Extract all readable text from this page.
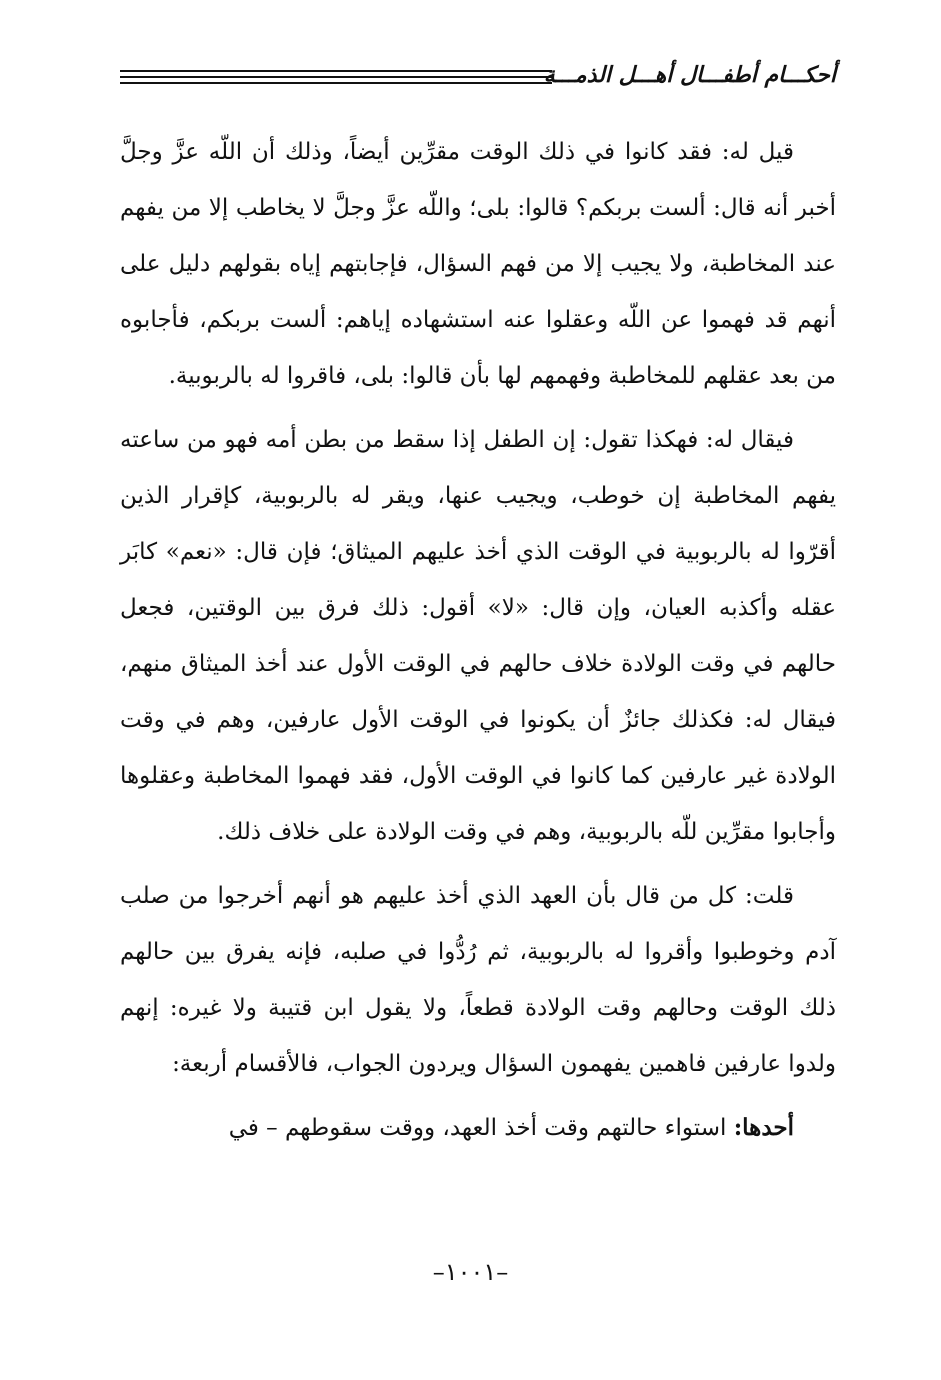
أحكـــام أطفـــال أهـــل الذمـــة

قيل له: فقد كانوا في ذلك الوقت مقرِّين أيضاً، وذلك أن اللّه عزَّ وجلَّ أخبر أنه قال: ألست بربكم؟ قالوا: بلى؛ واللّه عزَّ وجلَّ لا يخاطب إلا من يفهم عند المخاطبة، ولا يجيب إلا من فهم السؤال، فإجابتهم إياه بقولهم دليل على أنهم قد فهموا عن اللّه وعقلوا عنه استشهاده إياهم: ألست بربكم، فأجابوه من بعد عقلهم للمخاطبة وفهمهم لها بأن قالوا: بلى، فاقروا له بالربوبية.

فيقال له: فهكذا تقول: إن الطفل إذا سقط من بطن أمه فهو من ساعته يفهم المخاطبة إن خوطب، ويجيب عنها، ويقر له بالربوبية، كإقرار الذين أقرّوا له بالربوبية في الوقت الذي أخذ عليهم الميثاق؛ فإن قال: «نعم» كابَر عقله وأكذبه العيان، وإن قال: «لا» أقول: ذلك فرق بين الوقتين، فجعل حالهم في وقت الولادة خلاف حالهم في الوقت الأول عند أخذ الميثاق منهم، فيقال له: فكذلك جائزٌ أن يكونوا في الوقت الأول عارفين، وهم في وقت الولادة غير عارفين كما كانوا في الوقت الأول، فقد فهموا المخاطبة وعقلوها وأجابوا مقرِّين للّه بالربوبية، وهم في وقت الولادة على خلاف ذلك.

قلت: كل من قال بأن العهد الذي أخذ عليهم هو أنهم أخرجوا من صلب آدم وخوطبوا وأقروا له بالربوبية، ثم رُدُّوا في صلبه، فإنه يفرق بين حالهم ذلك الوقت وحالهم وقت الولادة قطعاً، ولا يقول ابن قتيبة ولا غيره: إنهم ولدوا عارفين فاهمين يفهمون السؤال ويردون الجواب، فالأقسام أربعة:

أحدها: استواء حالتهم وقت أخذ العهد، ووقت سقوطهم – في

–١٠٠١–
